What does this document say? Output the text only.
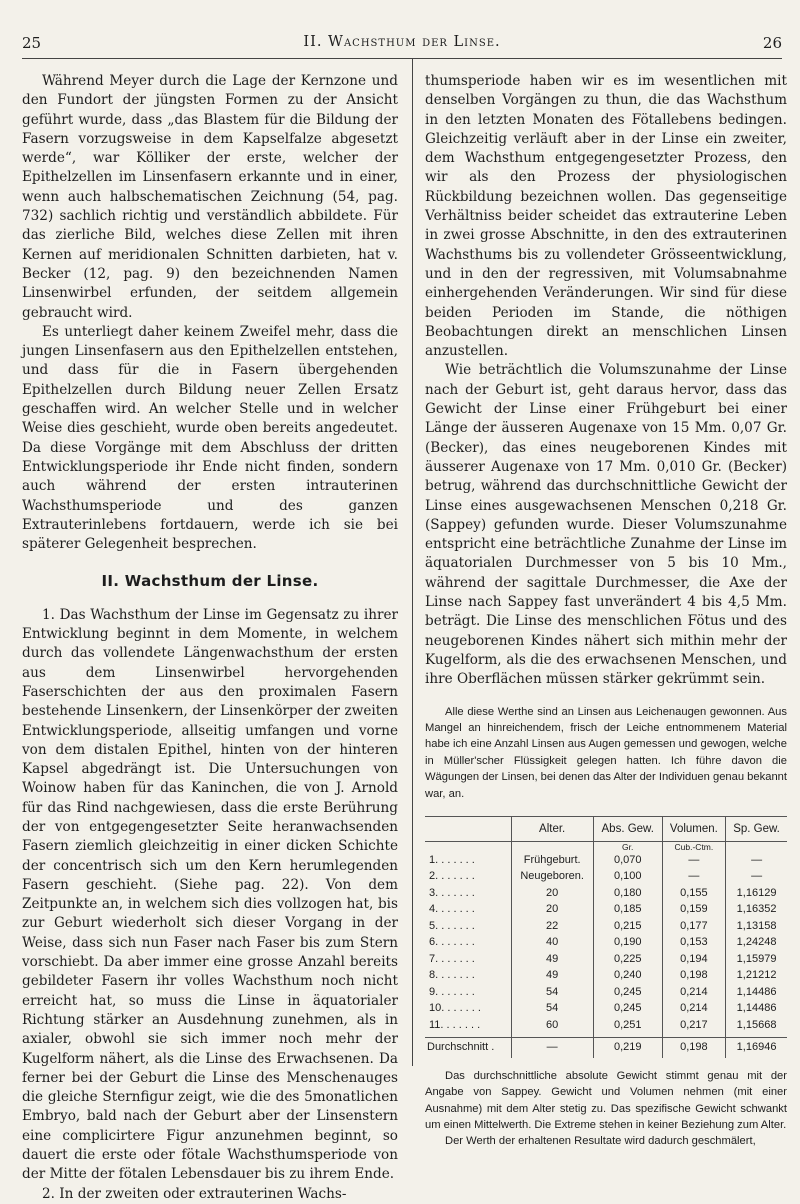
25	II. Wachsthum der Linse.	26

Während Meyer durch die Lage der Kernzone und den Fundort der jüngsten Formen zu der Ansicht geführt wurde, dass „das Blastem für die Bildung der Fasern vorzugsweise in dem Kapselfalze abgesetzt werde“, war Kölliker der erste, welcher der Epithelzellen im Linsenfasern erkannte und in einer, wenn auch halbschematischen Zeichnung (54, pag. 732) sachlich richtig und verständlich abbildete. Für das zierliche Bild, welches diese Zellen mit ihren Kernen auf meridionalen Schnitten darbieten, hat v. Becker (12, pag. 9) den bezeichnenden Namen Linsenwirbel erfunden, der seitdem allgemein gebraucht wird.

Es unterliegt daher keinem Zweifel mehr, dass die jungen Linsenfasern aus den Epithelzellen entstehen, und dass für die in Fasern übergehenden Epithelzellen durch Bildung neuer Zellen Ersatz geschaffen wird. An welcher Stelle und in welcher Weise dies geschieht, wurde oben bereits angedeutet. Da diese Vorgänge mit dem Abschluss der dritten Entwicklungsperiode ihr Ende nicht finden, sondern auch während der ersten intrauterinen Wachsthumsperiode und des ganzen Extrauterinlebens fortdauern, werde ich sie bei späterer Gelegenheit besprechen.

II. Wachsthum der Linse.

1. Das Wachsthum der Linse im Gegensatz zu ihrer Entwicklung beginnt in dem Momente, in welchem durch das vollendete Längenwachsthum der ersten aus dem Linsenwirbel hervorgehenden Faserschichten der aus den proximalen Fasern bestehende Linsenkern, der Linsenkörper der zweiten Entwicklungsperiode, allseitig umfangen und vorne von dem distalen Epithel, hinten von der hinteren Kapsel abgedrängt ist. Die Untersuchungen von Woinow haben für das Kaninchen, die von J. Arnold für das Rind nachgewiesen, dass die erste Berührung der von entgegengesetzter Seite heranwachsenden Fasern ziemlich gleichzeitig in einer dicken Schichte der concentrisch sich um den Kern herumlegenden Fasern geschieht. (Siehe pag. 22). Von dem Zeitpunkte an, in welchem sich dies vollzogen hat, bis zur Geburt wiederholt sich dieser Vorgang in der Weise, dass sich nun Faser nach Faser bis zum Stern vorschiebt. Da aber immer eine grosse Anzahl bereits gebildeter Fasern ihr volles Wachsthum noch nicht erreicht hat, so muss die Linse in äquatorialer Richtung stärker an Ausdehnung zunehmen, als in axialer, obwohl sie sich immer noch mehr der Kugelform nähert, als die Linse des Erwachsenen. Da ferner bei der Geburt die Linse des Menschenauges die gleiche Sternfigur zeigt, wie die des 5monatlichen Embryo, bald nach der Geburt aber der Linsenstern eine complicirtere Figur anzunehmen beginnt, so dauert die erste oder fötale Wachsthumsperiode von der Mitte der fötalen Lebensdauer bis zu ihrem Ende.

2. In der zweiten oder extrauterinen Wachs-

thumsperiode haben wir es im wesentlichen mit denselben Vorgängen zu thun, die das Wachsthum in den letzten Monaten des Fötallebens bedingen. Gleichzeitig verläuft aber in der Linse ein zweiter, dem Wachsthum entgegengesetzter Prozess, den wir als den Prozess der physiologischen Rückbildung bezeichnen wollen. Das gegenseitige Verhältniss beider scheidet das extrauterine Leben in zwei grosse Abschnitte, in den des extrauterinen Wachsthums bis zu vollendeter Grösseentwicklung, und in den der regressiven, mit Volumsabnahme einhergehenden Veränderungen. Wir sind für diese beiden Perioden im Stande, die nöthigen Beobachtungen direkt an menschlichen Linsen anzustellen.

Wie beträchtlich die Volumszunahme der Linse nach der Geburt ist, geht daraus hervor, dass das Gewicht der Linse einer Frühgeburt bei einer Länge der äusseren Augenaxe von 15 Mm. 0,07 Gr. (Becker), das eines neugeborenen Kindes mit äusserer Augenaxe von 17 Mm. 0,010 Gr. (Becker) betrug, während das durchschnittliche Gewicht der Linse eines ausgewachsenen Menschen 0,218 Gr. (Sappey) gefunden wurde. Dieser Volumszunahme entspricht eine beträchtliche Zunahme der Linse im äquatorialen Durchmesser von 5 bis 10 Mm., während der sagittale Durchmesser, die Axe der Linse nach Sappey fast unverändert 4 bis 4,5 Mm. beträgt. Die Linse des menschlichen Fötus und des neugeborenen Kindes nähert sich mithin mehr der Kugelform, als die des erwachsenen Menschen, und ihre Oberflächen müssen stärker gekrümmt sein.

Alle diese Werthe sind an Linsen aus Leichenaugen gewonnen. Aus Mangel an hinreichendem, frisch der Leiche entnommenem Material habe ich eine Anzahl Linsen aus Augen gemessen und gewogen, welche in Müller'scher Flüssigkeit gelegen hatten. Ich führe davon die Wägungen der Linsen, bei denen das Alter der Individuen genau bekannt war, an.

	Alter.	Abs. Gew.	Volumen.	Sp. Gew.
		Gr.	Cub.-Ctm.	
1. . . . . . .	Frühgeburt.	0,070	—	—
2. . . . . . .	Neugeboren.	0,100	—	—
3. . . . . . .	20	0,180	0,155	1,16129
4. . . . . . .	20	0,185	0,159	1,16352
5. . . . . . .	22	0,215	0,177	1,13158
6. . . . . . .	40	0,190	0,153	1,24248
7. . . . . . .	49	0,225	0,194	1,15979
8. . . . . . .	49	0,240	0,198	1,21212
9. . . . . . .	54	0,245	0,214	1,14486
10. . . . . . .	54	0,245	0,214	1,14486
11. . . . . . .	60	0,251	0,217	1,15668
Durchschnitt .	—	0,219	0,198	1,16946

Das durchschnittliche absolute Gewicht stimmt genau mit der Angabe von Sappey. Gewicht und Volumen nehmen (mit einer Ausnahme) mit dem Alter stetig zu. Das spezifische Gewicht schwankt um einen Mittelwerth. Die Extreme stehen in keiner Beziehung zum Alter.

Der Werth der erhaltenen Resultate wird dadurch geschmälert,
